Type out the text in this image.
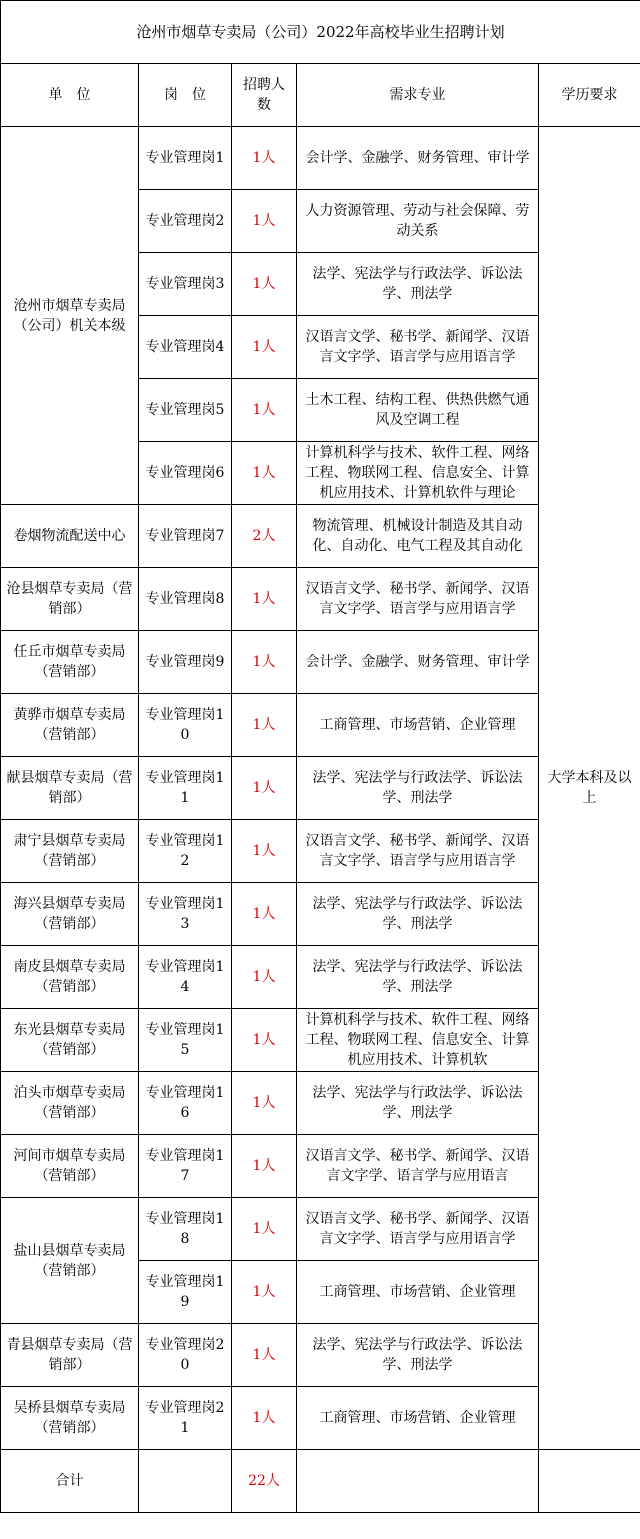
沧州市烟草专卖局（公司）2022年高校毕业生招聘计划				
单　位	岗　位	招聘人数	需求专业	学历要求
沧州市烟草专卖局（公司）机关本级	专业管理岗1	1人	会计学、金融学、财务管理、审计学	大学本科及以上
	专业管理岗2	1人	人力资源管理、劳动与社会保障、劳动关系	
	专业管理岗3	1人	法学、宪法学与行政法学、诉讼法学、刑法学	
	专业管理岗4	1人	汉语言文学、秘书学、新闻学、汉语言文字学、语言学与应用语言学	
	专业管理岗5	1人	土木工程、结构工程、供热供燃气通风及空调工程	
	专业管理岗6	1人	计算机科学与技术、软件工程、网络工程、物联网工程、信息安全、计算机应用技术、计算机软件与理论	
卷烟物流配送中心	专业管理岗7	2人	物流管理、机械设计制造及其自动化、自动化、电气工程及其自动化	
沧县烟草专卖局（营销部）	专业管理岗8	1人	汉语言文学、秘书学、新闻学、汉语言文字学、语言学与应用语言学	
任丘市烟草专卖局（营销部）	专业管理岗9	1人	会计学、金融学、财务管理、审计学	
黄骅市烟草专卖局（营销部）	专业管理岗10	1人	工商管理、市场营销、企业管理	
献县烟草专卖局（营销部）	专业管理岗11	1人	法学、宪法学与行政法学、诉讼法学、刑法学	
肃宁县烟草专卖局（营销部）	专业管理岗12	1人	汉语言文学、秘书学、新闻学、汉语言文字学、语言学与应用语言学	
海兴县烟草专卖局（营销部）	专业管理岗13	1人	法学、宪法学与行政法学、诉讼法学、刑法学	
南皮县烟草专卖局（营销部）	专业管理岗14	1人	法学、宪法学与行政法学、诉讼法学、刑法学	
东光县烟草专卖局（营销部）	专业管理岗15	1人	计算机科学与技术、软件工程、网络工程、物联网工程、信息安全、计算机应用技术、计算机软	
泊头市烟草专卖局（营销部）	专业管理岗16	1人	法学、宪法学与行政法学、诉讼法学、刑法学	
河间市烟草专卖局（营销部）	专业管理岗17	1人	汉语言文学、秘书学、新闻学、汉语言文字学、语言学与应用语言	
盐山县烟草专卖局（营销部）	专业管理岗18	1人	汉语言文学、秘书学、新闻学、汉语言文字学、语言学与应用语言学	
	专业管理岗19	1人	工商管理、市场营销、企业管理	
青县烟草专卖局（营销部）	专业管理岗20	1人	法学、宪法学与行政法学、诉讼法学、刑法学	
吴桥县烟草专卖局（营销部）	专业管理岗21	1人	工商管理、市场营销、企业管理	
合计		22人		
